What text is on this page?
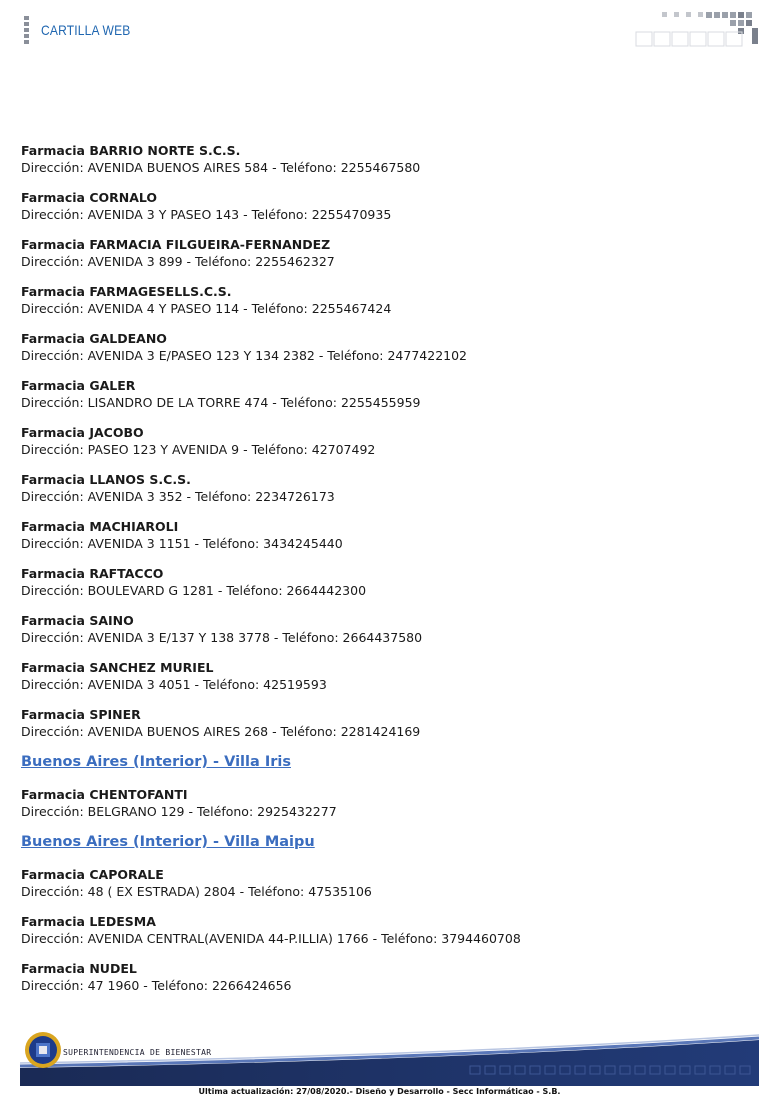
CARTILLA WEB
Farmacia BARRIO NORTE S.C.S.
Dirección: AVENIDA BUENOS AIRES 584 - Teléfono: 2255467580
Farmacia CORNALO
Dirección: AVENIDA 3 Y PASEO 143 - Teléfono: 2255470935
Farmacia FARMACIA FILGUEIRA-FERNANDEZ
Dirección: AVENIDA 3 899 - Teléfono: 2255462327
Farmacia FARMAGESELLS.C.S.
Dirección: AVENIDA 4 Y PASEO 114 - Teléfono: 2255467424
Farmacia GALDEANO
Dirección: AVENIDA 3 E/PASEO 123 Y 134 2382 - Teléfono: 2477422102
Farmacia GALER
Dirección: LISANDRO DE LA TORRE 474 - Teléfono: 2255455959
Farmacia JACOBO
Dirección: PASEO 123 Y AVENIDA 9 - Teléfono: 42707492
Farmacia LLANOS S.C.S.
Dirección: AVENIDA 3 352 - Teléfono: 2234726173
Farmacia MACHIAROLI
Dirección: AVENIDA 3 1151 - Teléfono: 3434245440
Farmacia RAFTACCO
Dirección: BOULEVARD G 1281 - Teléfono: 2664442300
Farmacia SAINO
Dirección: AVENIDA 3 E/137 Y 138 3778 - Teléfono: 2664437580
Farmacia SANCHEZ MURIEL
Dirección: AVENIDA 3 4051 - Teléfono: 42519593
Farmacia SPINER
Dirección: AVENIDA BUENOS AIRES 268 - Teléfono: 2281424169
Buenos Aires (Interior) - Villa Iris
Farmacia CHENTOFANTI
Dirección: BELGRANO 129 - Teléfono: 2925432277
Buenos Aires (Interior) - Villa Maipu
Farmacia CAPORALE
Dirección: 48 ( EX ESTRADA) 2804 - Teléfono: 47535106
Farmacia LEDESMA
Dirección: AVENIDA CENTRAL(AVENIDA 44-P.ILLIA) 1766 - Teléfono: 3794460708
Farmacia NUDEL
Dirección: 47 1960 - Teléfono: 2266424656
SUPERINTENDENCIA DE BIENESTAR
Ultima actualización: 27/08/2020.- Diseño y Desarrollo - Secc Informáticao - S.B.
